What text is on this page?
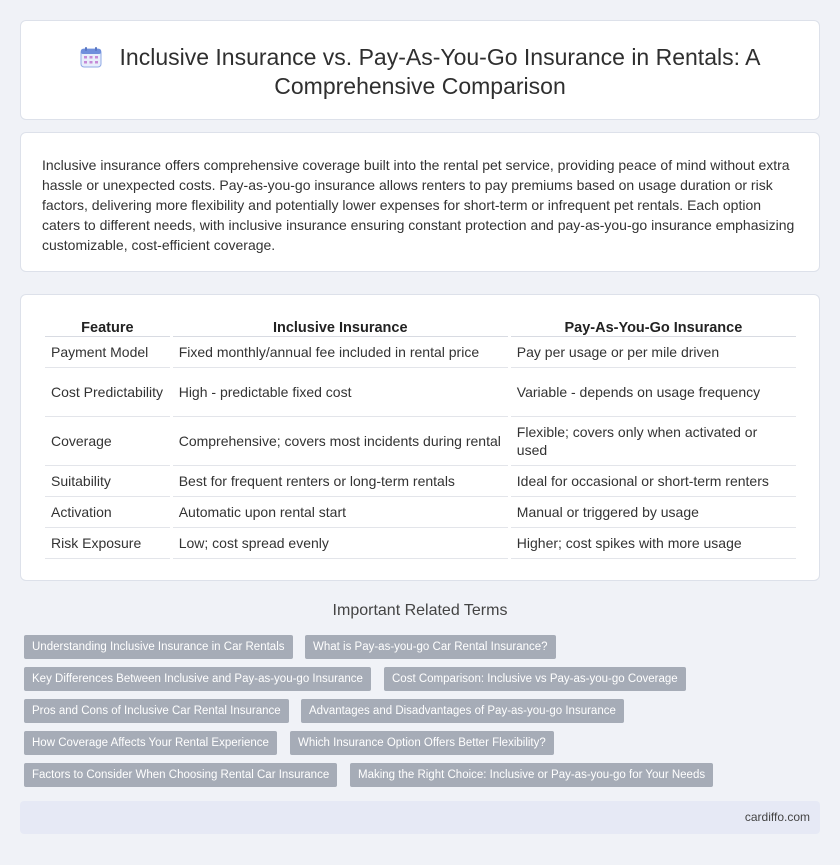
Inclusive Insurance vs. Pay-As-You-Go Insurance in Rentals: A Comprehensive Comparison

Inclusive insurance offers comprehensive coverage built into the rental pet service, providing peace of mind without extra hassle or unexpected costs. Pay-as-you-go insurance allows renters to pay premiums based on usage duration or risk factors, delivering more flexibility and potentially lower expenses for short-term or infrequent pet rentals. Each option caters to different needs, with inclusive insurance ensuring constant protection and pay-as-you-go insurance emphasizing customizable, cost-efficient coverage.

Feature	Inclusive Insurance	Pay-As-You-Go Insurance
Payment Model	Fixed monthly/annual fee included in rental price	Pay per usage or per mile driven
Cost Predictability	High - predictable fixed cost	Variable - depends on usage frequency
Coverage	Comprehensive; covers most incidents during rental	Flexible; covers only when activated or used
Suitability	Best for frequent renters or long-term rentals	Ideal for occasional or short-term renters
Activation	Automatic upon rental start	Manual or triggered by usage
Risk Exposure	Low; cost spread evenly	Higher; cost spikes with more usage
Important Related Terms
Understanding Inclusive Insurance in Car Rentals	What is Pay-as-you-go Car Rental Insurance?
Key Differences Between Inclusive and Pay-as-you-go Insurance	Cost Comparison: Inclusive vs Pay-as-you-go Coverage
Pros and Cons of Inclusive Car Rental Insurance	Advantages and Disadvantages of Pay-as-you-go Insurance
How Coverage Affects Your Rental Experience	Which Insurance Option Offers Better Flexibility?
Factors to Consider When Choosing Rental Car Insurance	Making the Right Choice: Inclusive or Pay-as-you-go for Your Needs
cardiffo.com
